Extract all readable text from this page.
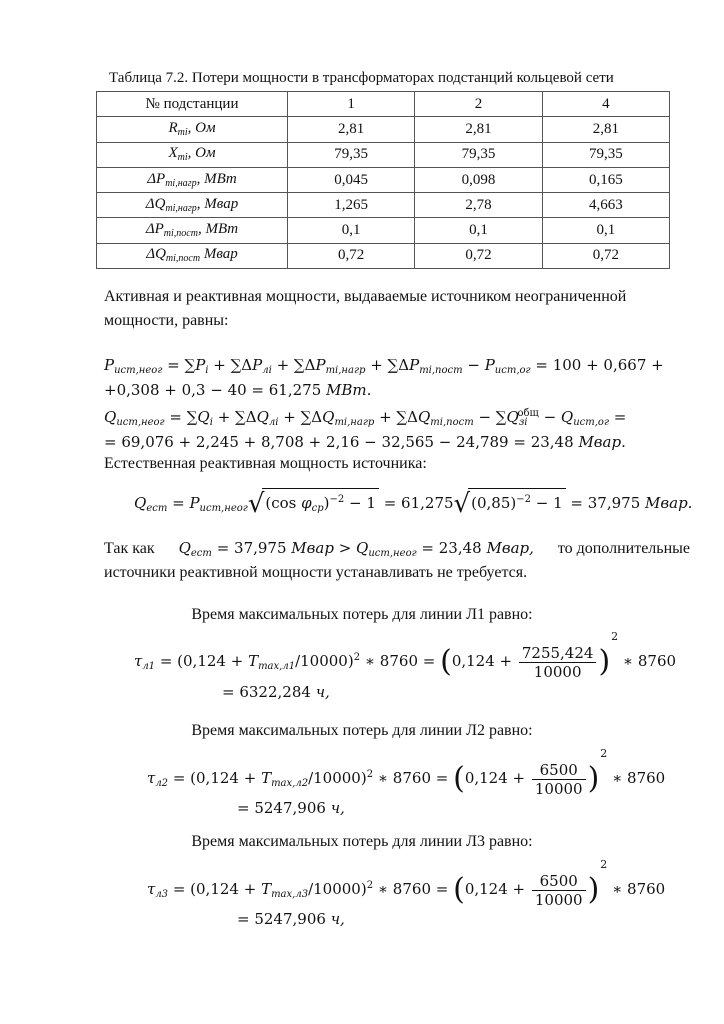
Таблица 7.2. Потери мощности в трансформаторах подстанций кольцевой сети
№ подстанции	1	2	4
$R_{ті}$, Ом	2,81	2,81	2,81
$X_{ті}$, Ом	79,35	79,35	79,35
$\Delta P_{ті,нагр}$, МВт	0,045	0,098	0,165
$\Delta Q_{ті,нагр}$, Мвар	1,265	2,78	4,663
$\Delta P_{ті,пост}$, МВт	0,1	0,1	0,1
$\Delta Q_{ті,пост}$ Мвар	0,72	0,72	0,72
Активная и реактивная мощности, выдаваемые источником неограниченной
мощности, равны:
$P_{ист,неог} = \sum P_i + \sum\Delta P_{лi} + \sum\Delta P_{тi,нагр} + \sum\Delta P_{тi,пост} - P_{ист,ог} = 100 + 0,667$ +
+0,308 + 0,3 − 40 = 61,275 МВт.
$Q_{ист,неог} = \sum Q_i + \sum\Delta Q_{лi} + \sum\Delta Q_{тi,нагр} + \sum\Delta Q_{тi,пост} - \sum Q_{зi}^{общ} - Q_{ист,ог}$ =
= 69,076 + 2,245 + 8,708 + 2,16 − 32,565 − 24,789 = 23,48 Мвар.
Естественная реактивная мощность источника:
$Q_{ест} = P_{ист,неог}√(\cos$ $\varphi_{ср})^{-2} - 1 = 61,275√(0,85)^{-2} - 1 = 37,975$ Мвар.
Так как $Q_{ест} = 37,975$ Мвар > $Q_{ист,неог} = 23,48$ Мвар, то дополнительные
источники реактивной мощности устанавливать не требуется.
Время максимальных потерь для линии Л1 равно:
$\tau_{л1} = (0,124 + T_{max,л1}/10000)^2$ ∗ $8760 = (0,124 + \frac{7255,424}{10000} )^2$ ∗ 8760
= 6322,284 ч,
Время максимальных потерь для линии Л2 равно:
$\tau_{л2} = (0,124 + T_{max,л2}/10000)^2$ ∗ $8760 = (0,124 + \frac{6500}{10000} )^2$ ∗ 8760
= 5247,906 ч,
Время максимальных потерь для линии Л3 равно:
$\tau_{л3} = (0,124 + T_{max,л3}/10000)^2$ ∗ $8760 = (0,124 + \frac{6500}{10000} )^2$ ∗ 8760
= 5247,906 ч,
